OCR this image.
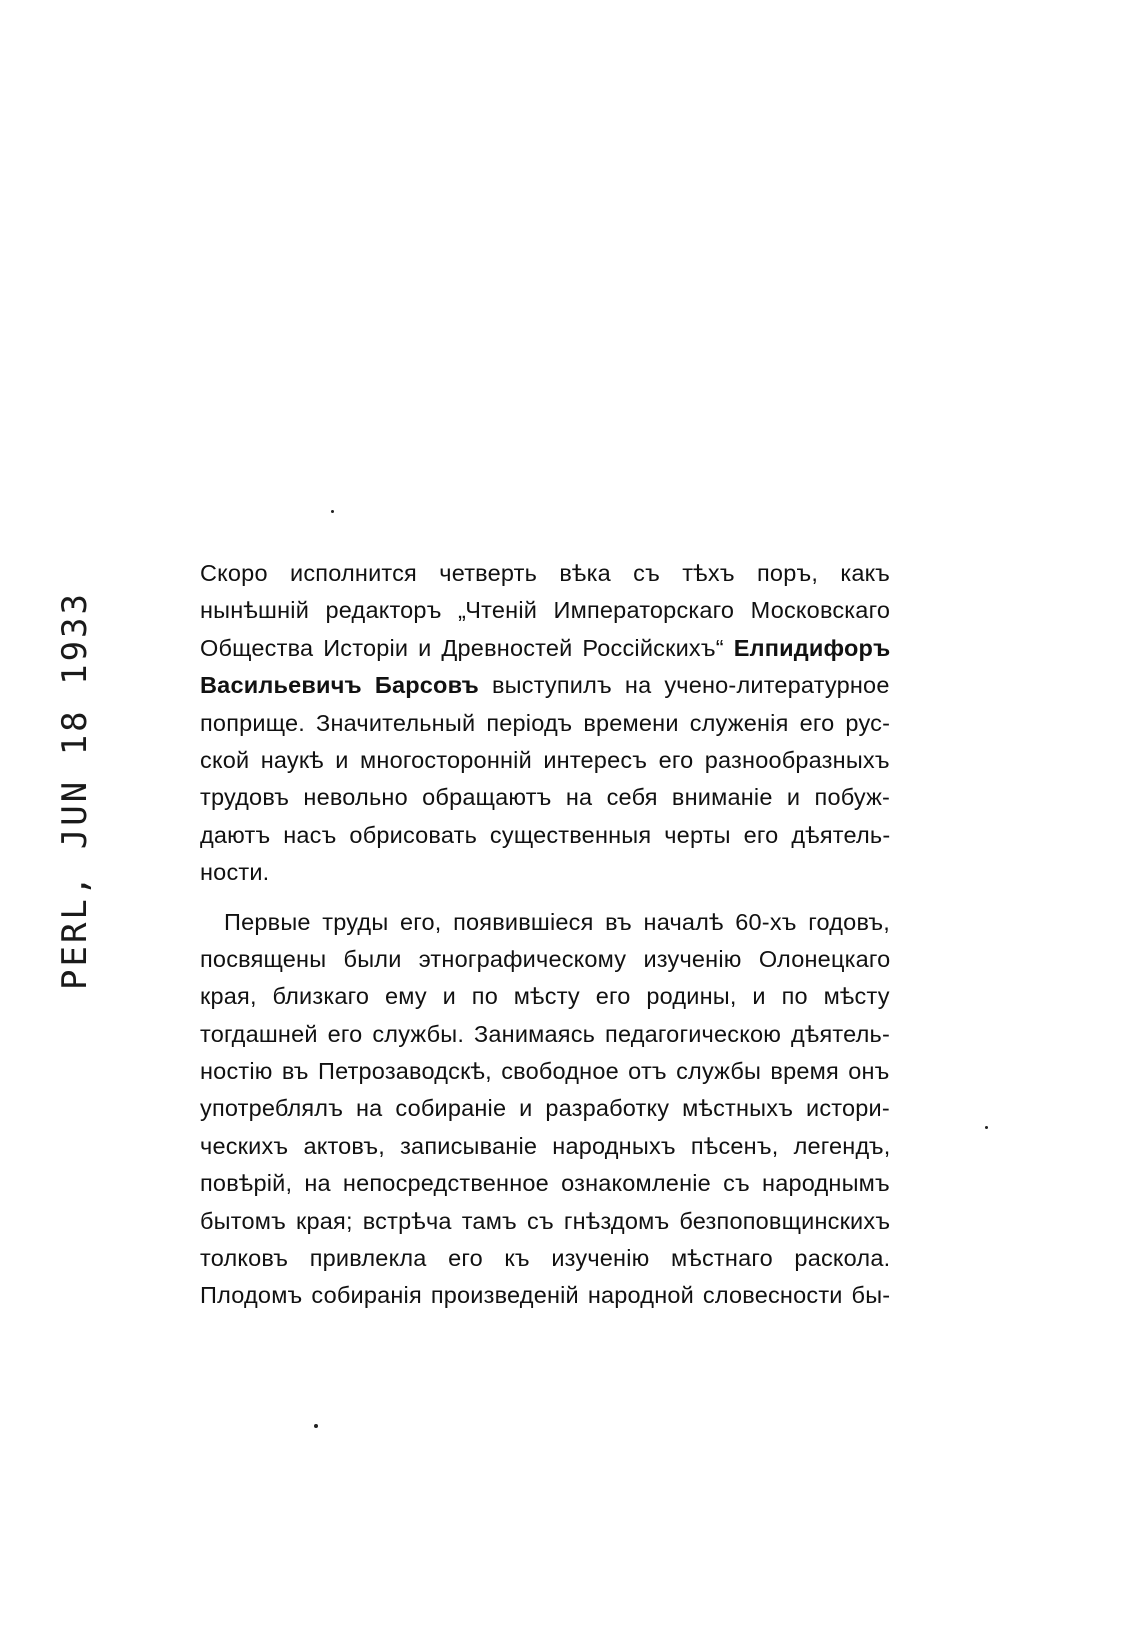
PERL, JUN 18 1933
Скоро исполнится четверть вѣка съ тѣхъ поръ, какъ
нынѣшній редакторъ „Чтеній Императорскаго Московскаго
Общества Исторіи и Древностей Россійскихъ“ Елпидифоръ
Васильевичъ Барсовъ выступилъ на учено-литературное
поприще. Значительный періодъ времени служенія его рус-
ской наукѣ и многосторонній интересъ его разнообразныхъ
трудовъ невольно обращаютъ на себя вниманіе и побуж-
даютъ насъ обрисовать существенныя черты его дѣятель-
ности.
Первые труды его, появившіеся въ началѣ 60-хъ годовъ,
посвящены были этнографическому изученію Олонецкаго
края, близкаго ему и по мѣсту его родины, и по мѣсту
тогдашней его службы. Занимаясь педагогическою дѣятель-
ностію въ Петрозаводскѣ, свободное отъ службы время онъ
употреблялъ на собираніе и разработку мѣстныхъ истори-
ческихъ актовъ, записываніе народныхъ пѣсенъ, легендъ,
повѣрій, на непосредственное ознакомленіе съ народнымъ
бытомъ края; встрѣча тамъ съ гнѣздомъ безпоповщинскихъ
толковъ привлекла его къ изученію мѣстнаго раскола.
Плодомъ собиранія произведеній народной словесности бы-
